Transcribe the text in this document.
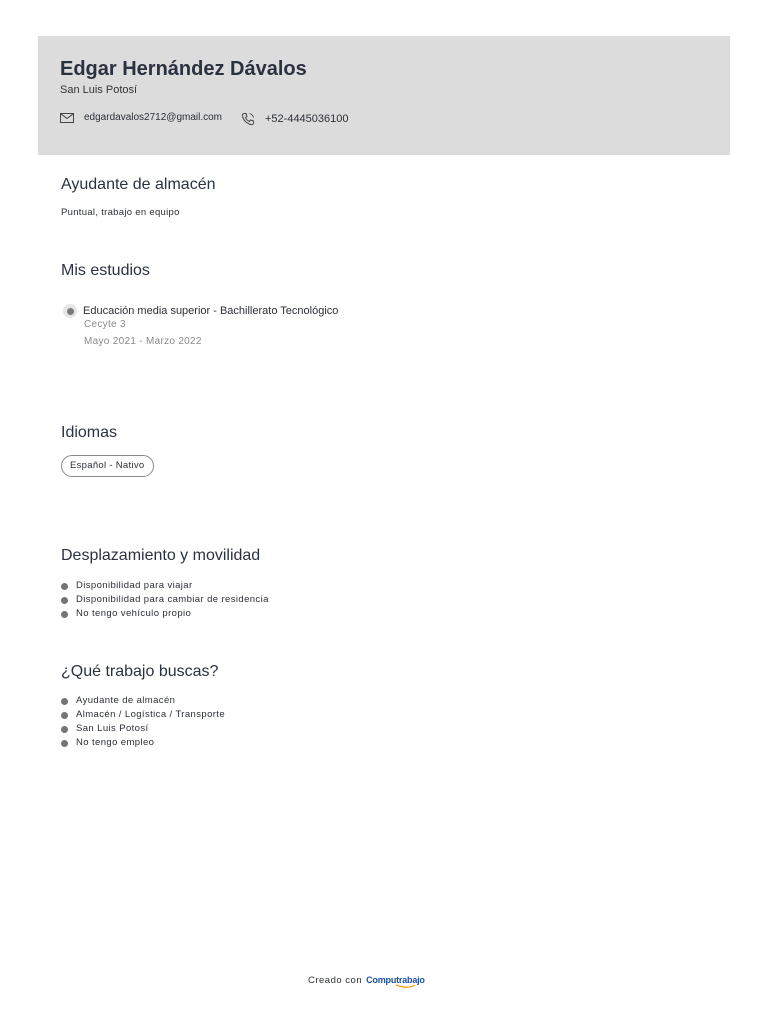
Edgar Hernández Dávalos
San Luis Potosí
edgardavalos2712@gmail.com	+52-4445036100
Ayudante de almacén
Puntual, trabajo en equipo
Mis estudios
Educación media superior - Bachillerato Tecnológico
Cecyte 3
Mayo 2021 - Marzo 2022
Idiomas
Español - Nativo
Desplazamiento y movilidad
Disponibilidad para viajar
Disponibilidad para cambiar de residencia
No tengo vehículo propio
¿Qué trabajo buscas?
Ayudante de almacén
Almacén / Logística / Transporte
San Luis Potosí
No tengo empleo
Creado con Computrabajo
